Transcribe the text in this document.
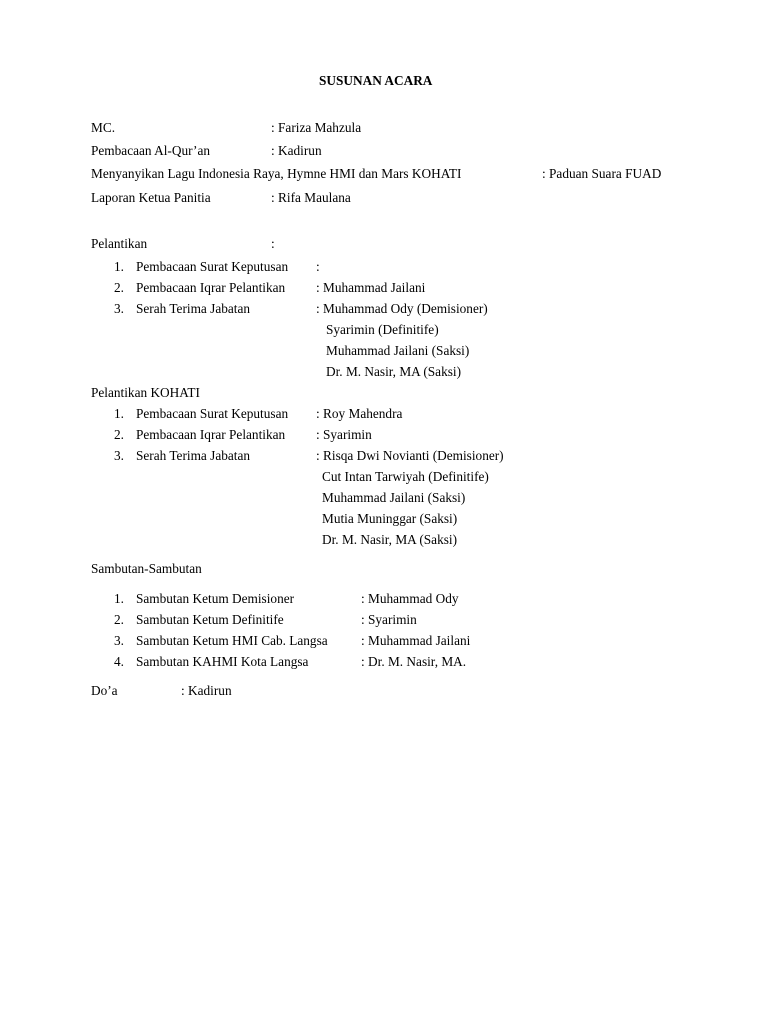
SUSUNAN ACARA
MC.	: Fariza Mahzula
Pembacaan Al-Qur’an	: Kadirun
Menyanyikan Lagu Indonesia Raya, Hymne HMI dan Mars KOHATI	: Paduan Suara FUAD
Laporan Ketua Panitia	: Rifa Maulana
Pelantikan	:
1. Pembacaan Surat Keputusan :
2. Pembacaan Iqrar Pelantikan : Muhammad Jailani
3. Serah Terima Jabatan	: Muhammad Ody (Demisioner)
Syarimin (Definitife)
Muhammad Jailani (Saksi)
Dr. M. Nasir, MA (Saksi)
Pelantikan KOHATI
1. Pembacaan Surat Keputusan : Roy Mahendra
2. Pembacaan Iqrar Pelantikan : Syarimin
3. Serah Terima Jabatan	: Risqa Dwi Novianti (Demisioner)
Cut Intan Tarwiyah (Definitife)
Muhammad Jailani (Saksi)
Mutia Muninggar (Saksi)
Dr. M. Nasir, MA (Saksi)
Sambutan-Sambutan
1. Sambutan Ketum Demisioner	: Muhammad Ody
2. Sambutan Ketum Definitife	: Syarimin
3. Sambutan Ketum HMI Cab. Langsa	: Muhammad Jailani
4. Sambutan KAHMI Kota Langsa	: Dr. M. Nasir, MA.
Do’a	: Kadirun
